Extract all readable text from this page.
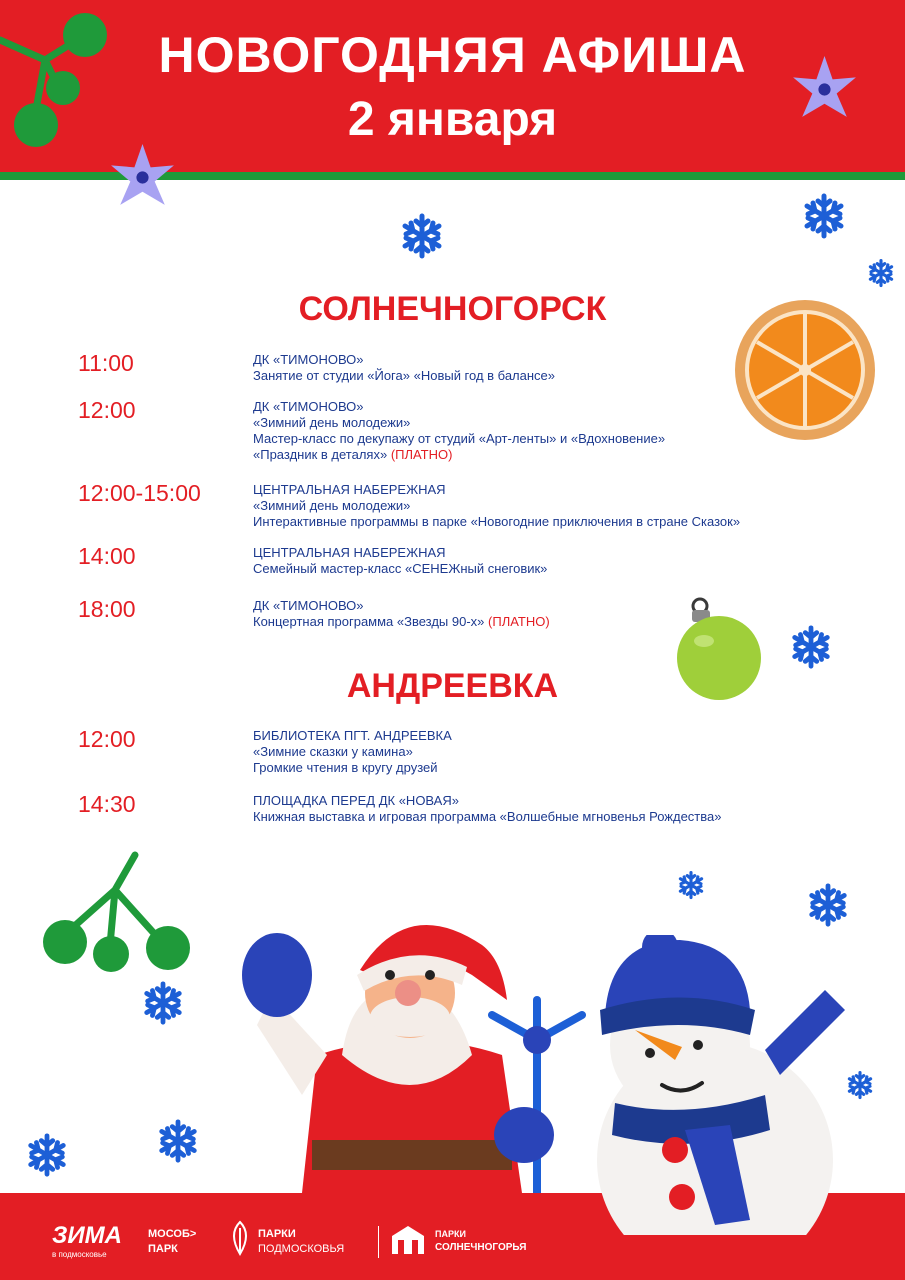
НОВОГОДНЯЯ АФИША
2 января
СОЛНЕЧНОГОРСК
11:00	ДК «ТИМОНОВО»
Занятие от студии «Йога» «Новый год в балансе»
12:00	ДК «ТИМОНОВО»
«Зимний день молодежи»
Мастер-класс по декупажу от студий «Арт-ленты» и «Вдохновение»
«Праздник в деталях» (ПЛАТНО)
12:00-15:00	ЦЕНТРАЛЬНАЯ НАБЕРЕЖНАЯ
«Зимний день молодежи»
Интерактивные программы в парке «Новогодние приключения в стране Сказок»
14:00	ЦЕНТРАЛЬНАЯ НАБЕРЕЖНАЯ
Семейный мастер-класс «СЕНЕЖный снеговик»
18:00	ДК «ТИМОНОВО»
Концертная программа «Звезды 90-х» (ПЛАТНО)
АНДРЕЕВКА
12:00	БИБЛИОТЕКА ПГТ. АНДРЕЕВКА
«Зимние сказки у камина»
Громкие чтения в кругу друзей
14:30	ПЛОЩАДКА ПЕРЕД ДК «НОВАЯ»
Книжная выставка и игровая программа «Волшебные мгновенья Рождества»
ЗИМА
в подмосковье
МОСОБ>
ПАРК
ПАРКИ
ПОДМОСКОВЬЯ
ПАРКИ
СОЛНЕЧНОГОРЬЯ
